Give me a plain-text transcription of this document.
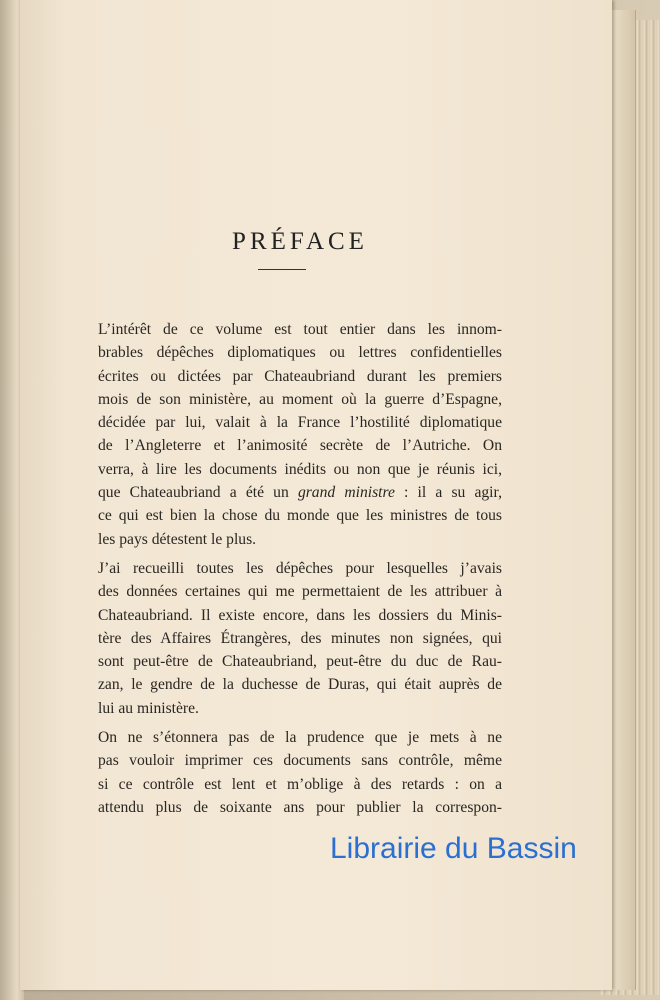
PRÉFACE

L’intérêt de ce volume est tout entier dans les innom-
brables dépêches diplomatiques ou lettres confidentielles
écrites ou dictées par Chateaubriand durant les premiers
mois de son ministère, au moment où la guerre d’Espagne,
décidée par lui, valait à la France l’hostilité diplomatique
de l’Angleterre et l’animosité secrète de l’Autriche. On
verra, à lire les documents inédits ou non que je réunis ici,
que Chateaubriand a été un grand ministre : il a su agir,
ce qui est bien la chose du monde que les ministres de tous
les pays détestent le plus.

J’ai recueilli toutes les dépêches pour lesquelles j’avais
des données certaines qui me permettaient de les attribuer à
Chateaubriand. Il existe encore, dans les dossiers du Minis-
tère des Affaires Étrangères, des minutes non signées, qui
sont peut-être de Chateaubriand, peut-être du duc de Rau-
zan, le gendre de la duchesse de Duras, qui était auprès de
lui au ministère.

On ne s’étonnera pas de la prudence que je mets à ne
pas vouloir imprimer ces documents sans contrôle, même
si ce contrôle est lent et m’oblige à des retards : on a
attendu plus de soixante ans pour publier la correspon-

Librairie du Bassin
